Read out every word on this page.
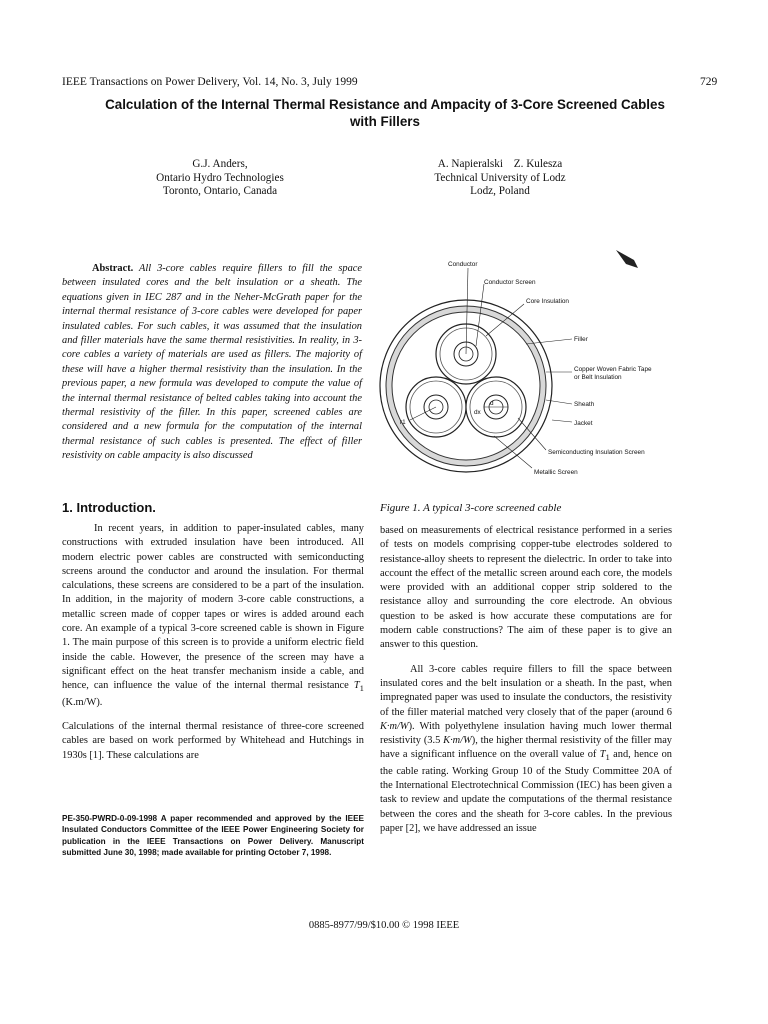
IEEE Transactions on Power Delivery, Vol. 14, No. 3, July 1999	729
Calculation of the Internal Thermal Resistance and Ampacity of 3-Core Screened Cables
with Fillers
G.J. Anders,
Ontario Hydro Technologies
Toronto, Ontario, Canada
A. Napieralski Z. Kulesza
Technical University of Lodz
Lodz, Poland
Abstract. All 3-core cables require fillers to fill the space between insulated cores and the belt insulation or a sheath. The equations given in IEC 287 and in the Neher-McGrath paper for the internal thermal resistance of 3-core cables were developed for paper insulated cables. For such cables, it was assumed that the insulation and filler materials have the same thermal resistivities. In reality, in 3-core cables a variety of materials are used as fillers. The majority of these will have a higher thermal resistivity than the insulation. In the previous paper, a new formula was developed to compute the value of the internal thermal resistance of belted cables taking into account the thermal resistivity of the filler. In this paper, screened cables are considered and a new formula for the computation of the internal thermal resistance of such cables is presented. The effect of filler resistivity on cable ampacity is also discussed
1. Introduction.

In recent years, in addition to paper-insulated cables, many constructions with extruded insulation have been introduced. All modern electric power cables are constructed with semiconducting screens around the conductor and around the insulation. For thermal calculations, these screens are considered to be a part of the insulation. In addition, in the majority of modern 3-core cable constructions, a metallic screen made of copper tapes or wires is added around each core. An example of a typical 3-core screened cable is shown in Figure 1. The main purpose of this screen is to provide a uniform electric field inside the cable. However, the presence of the screen may have a significant effect on the heat transfer mechanism inside a cable, and hence, can influence the value of the internal thermal resistance $T_1$ (K.m/W).

Calculations of the internal thermal resistance of three-core screened cables are based on work performed by Whitehead and Hutchings in 1930s [1]. These calculations are

PE-350-PWRD-0-09-1998 A paper recommended and approved by the IEEE Insulated Conductors Committee of the IEEE Power Engineering Society for publication in the IEEE Transactions on Power Delivery. Manuscript submitted June 30, 1998; made available for printing October 7, 1998.
r1
d
dx
Conductor
Conductor Screen
Core Insulation
Filler
Copper Woven Fabric Tape
or Belt Insulation
Sheath
Jacket
Semiconducting Insulation Screen
Metallic Screen
Figure 1. A typical 3-core screened cable

based on measurements of electrical resistance performed in a series of tests on models comprising copper-tube electrodes soldered to resistance-alloy sheets to represent the dielectric. In order to take into account the effect of the metallic screen around each core, the models were provided with an additional copper strip soldered to the resistance alloy and surrounding the core electrode. An obvious question to be asked is how accurate these computations are for modern cable constructions? The aim of these paper is to give an answer to this question.

All 3-core cables require fillers to fill the space between insulated cores and the belt insulation or a sheath. In the past, when impregnated paper was used to insulate the conductors, the resistivity of the filler material matched very closely that of the paper (around 6 K·m/W). With polyethylene insulation having much lower thermal resistivity (3.5 K·m/W), the higher thermal resistivity of the filler may have a significant influence on the overall value of $T_1$ and, hence on the cable rating. Working Group 10 of the Study Committee 20A of the International Electrotechnical Commission (IEC) has been given a task to review and update the computations of the thermal resistance between the cores and the sheath for 3-core cables. In the previous paper [2], we have addressed an issue

0885-8977/99/$10.00 © 1998 IEEE
